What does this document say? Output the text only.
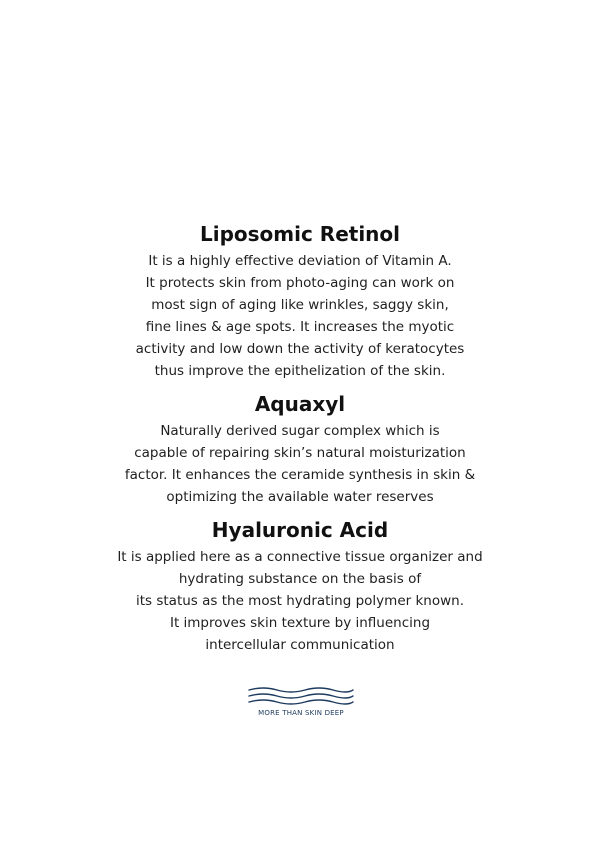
Liposomic Retinol
It is a highly effective deviation of Vitamin A.
It protects skin from photo-aging can work on
most sign of aging like wrinkles, saggy skin,
fine lines & age spots. It increases the myotic
activity and low down the activity of keratocytes
thus improve the epithelization of the skin.
Aquaxyl
Naturally derived sugar complex which is
capable of repairing skin’s natural moisturization
factor. It enhances the ceramide synthesis in skin &
optimizing the available water reserves
Hyaluronic Acid
It is applied here as a connective tissue organizer and
hydrating substance on the basis of
its status as the most hydrating polymer known.
It improves skin texture by influencing
intercellular communication
MORE THAN SKIN DEEP
